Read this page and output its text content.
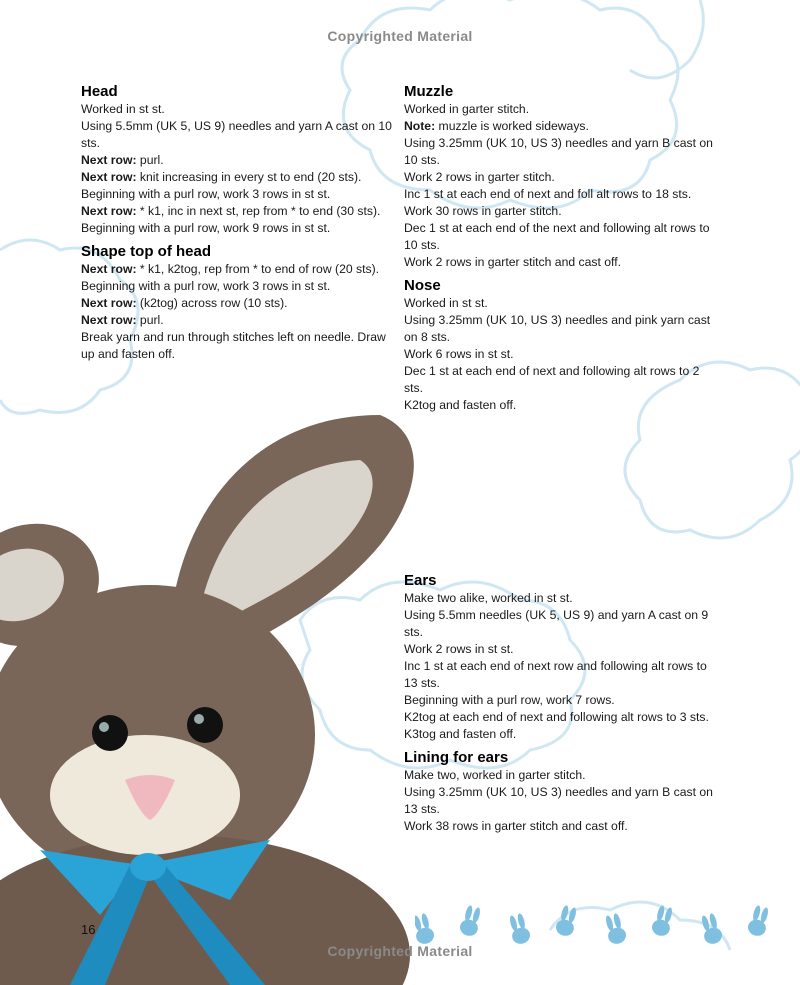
Copyrighted Material
Head

Worked in st st.

Using 5.5mm (UK 5, US 9) needles and yarn A cast on 10 sts.

Next row: purl.

Next row: knit increasing in every st to end (20 sts).

Beginning with a purl row, work 3 rows in st st.

Next row: * k1, inc in next st, rep from * to end (30 sts).

Beginning with a purl row, work 9 rows in st st.

Shape top of head

Next row: * k1, k2tog, rep from * to end of row (20 sts).

Beginning with a purl row, work 3 rows in st st.

Next row: (k2tog) across row (10 sts).

Next row: purl.

Break yarn and run through stitches left on needle. Draw up and fasten off.

Muzzle

Worked in garter stitch.

Note: muzzle is worked sideways.

Using 3.25mm (UK 10, US 3) needles and yarn B cast on 10 sts.

Work 2 rows in garter stitch.

Inc 1 st at each end of next and foll alt rows to 18 sts.

Work 30 rows in garter stitch.

Dec 1 st at each end of the next and following alt rows to 10 sts.

Work 2 rows in garter stitch and cast off.

Nose

Worked in st st.

Using 3.25mm (UK 10, US 3) needles and pink yarn cast on 8 sts.

Work 6 rows in st st.

Dec 1 st at each end of next and following alt rows to 2 sts.

K2tog and fasten off.

Ears

Make two alike, worked in st st.

Using 5.5mm needles (UK 5, US 9) and yarn A cast on 9 sts.

Work 2 rows in st st.

Inc 1 st at each end of next row and following alt rows to 13 sts.

Beginning with a purl row, work 7 rows.

K2tog at each end of next and following alt rows to 3 sts.

K3tog and fasten off.

Lining for ears

Make two, worked in garter stitch.

Using 3.25mm (UK 10, US 3) needles and yarn B cast on 13 sts.

Work 38 rows in garter stitch and cast off.

16
Copyrighted Material
